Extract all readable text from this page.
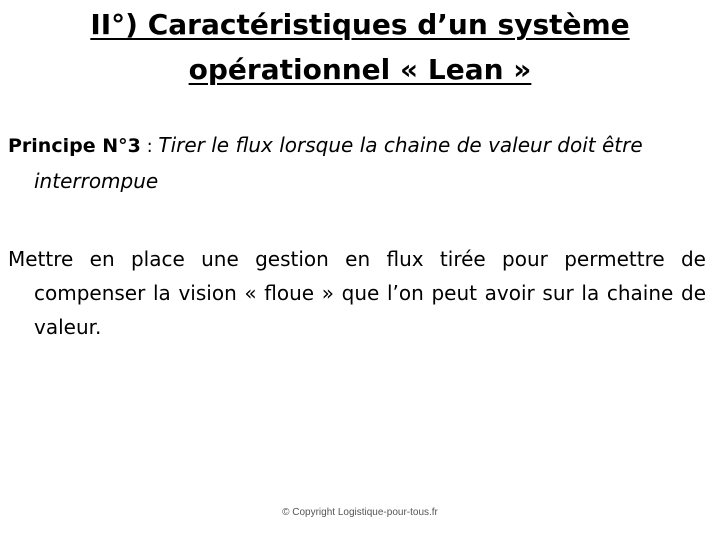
II°) Caractéristiques d’un système
opérationnel « Lean »
Principe N°3 : Tirer le flux lorsque la chaine de valeur doit être interrompue
Mettre en place une gestion en flux tirée pour permettre de compenser la vision « floue » que l’on peut avoir sur la chaine de valeur.
© Copyright Logistique-pour-tous.fr
